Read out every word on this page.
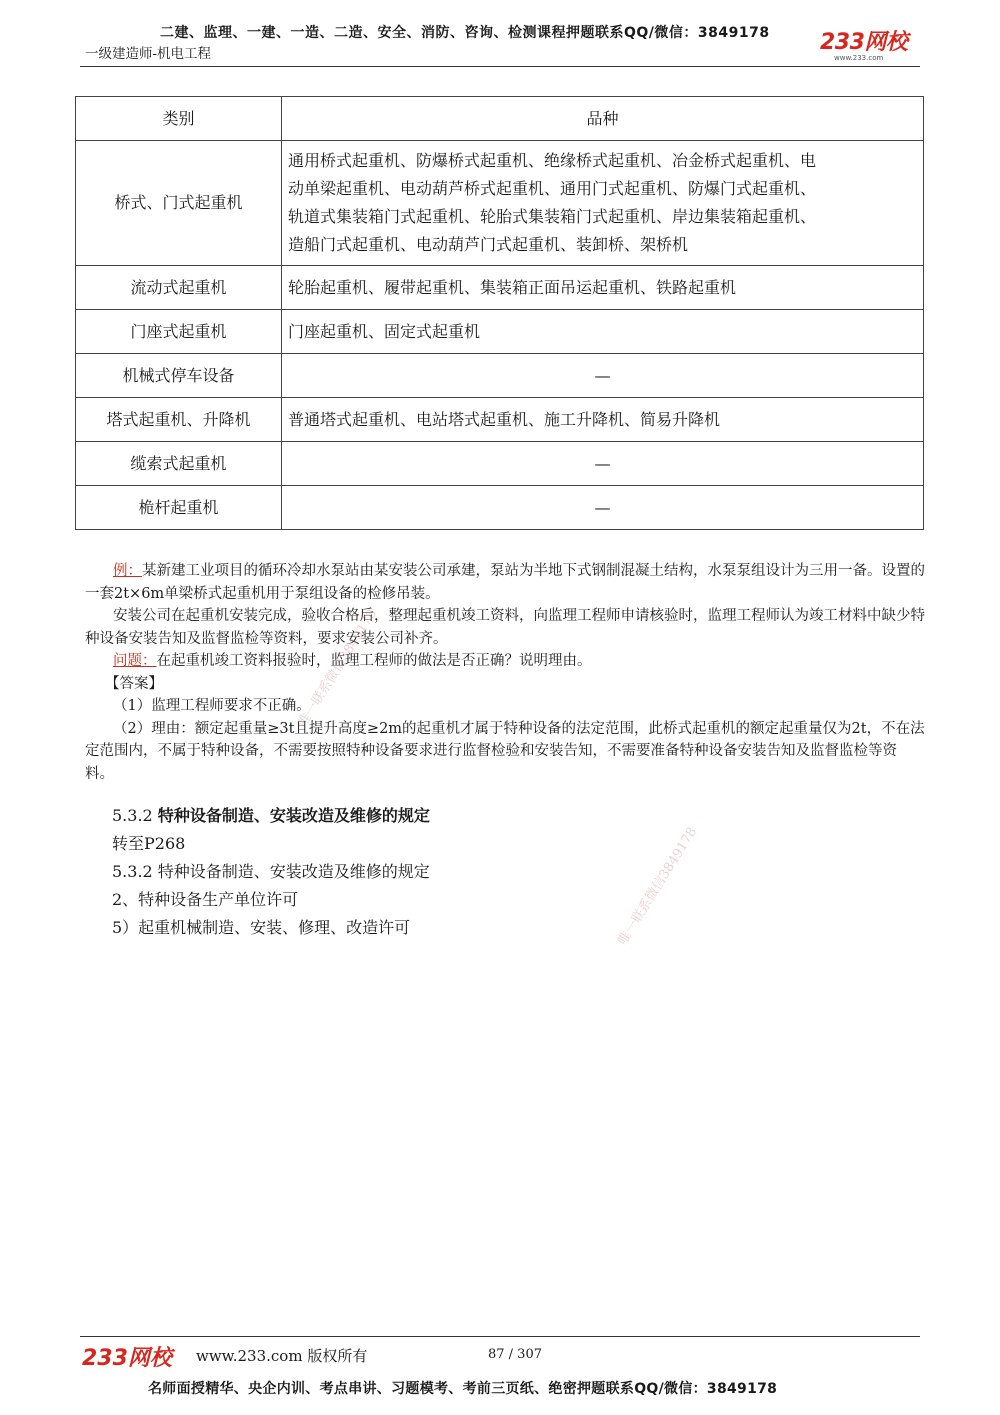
二建、监理、一建、一造、二造、安全、消防、咨询、检测课程押题联系QQ/微信：3849178
一级建造师-机电工程	233网校
www.233.com
类别	品种
桥式、门式起重机	通用桥式起重机、防爆桥式起重机、绝缘桥式起重机、冶金桥式起重机、电
动单梁起重机、电动葫芦桥式起重机、通用门式起重机、防爆门式起重机、
轨道式集装箱门式起重机、轮胎式集装箱门式起重机、岸边集装箱起重机、
造船门式起重机、电动葫芦门式起重机、装卸桥、架桥机

流动式起重机	轮胎起重机、履带起重机、集装箱正面吊运起重机、铁路起重机
门座式起重机	门座起重机、固定式起重机
机械式停车设备	—
塔式起重机、升降机	普通塔式起重机、电站塔式起重机、施工升降机、简易升降机
缆索式起重机	—
桅杆起重机	—

例：某新建工业项目的循环冷却水泵站由某安装公司承建，泵站为半地下式钢制混凝土结构，水泵泵组设计为三用一备。设置的一套2t×6m单梁桥式起重机用于泵组设备的检修吊装。

安装公司在起重机安装完成，验收合格后，整理起重机竣工资料，向监理工程师申请核验时，监理工程师认为竣工材料中缺少特种设备安装告知及监督监检等资料，要求安装公司补齐。

问题：在起重机竣工资料报验时，监理工程师的做法是否正确？说明理由。

【答案】

（1）监理工程师要求不正确。

（2）理由：额定起重量≥3t且提升高度≥2m的起重机才属于特种设备的法定范围，此桥式起重机的额定起重量仅为2t，不在法定范围内，不属于特种设备，不需要按照特种设备要求进行监督检验和安装告知，不需要准备特种设备安装告知及监督监检等资料。

5.3.2 特种设备制造、安装改造及维修的规定
转至P268
5.3.2 特种设备制造、安装改造及维修的规定
2、特种设备生产单位许可
5）起重机械制造、安装、修理、改造许可
唯一联系微信3849178
唯一联系微信3849178
233网校 www.233.com 版权所有	87 / 307
名师面授精华、央企内训、考点串讲、习题模考、考前三页纸、绝密押题联系QQ/微信：3849178
